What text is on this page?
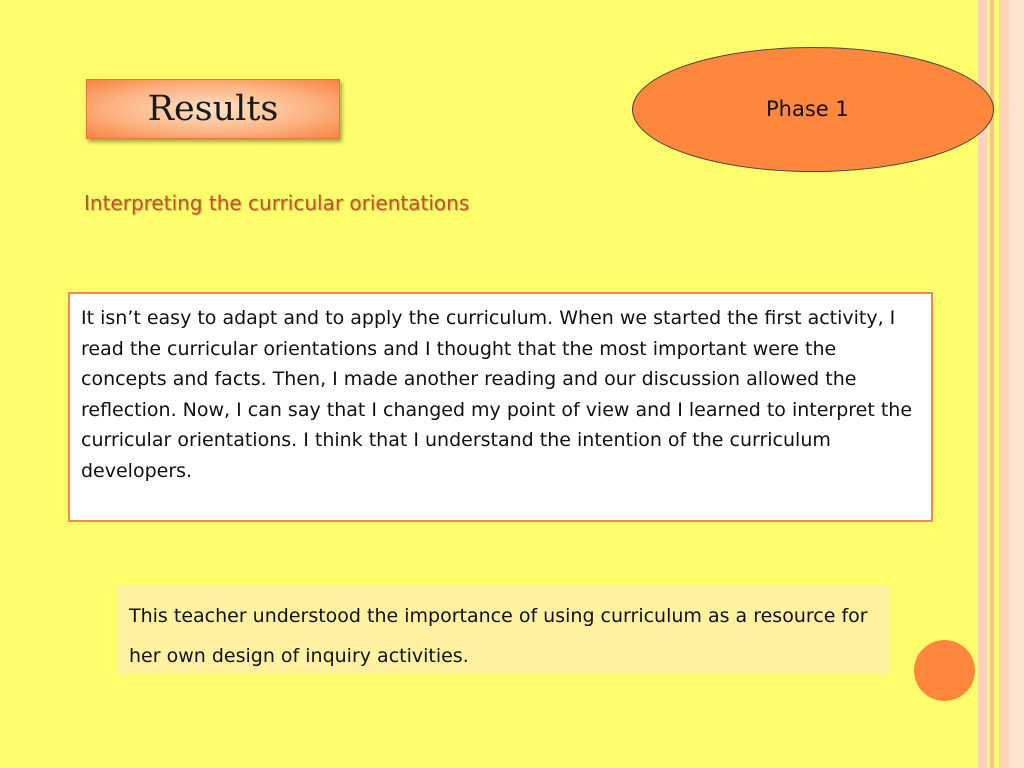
Results	Phase 1
Interpreting the curricular orientations
It isn’t easy to adapt and to apply the curriculum. When we started the first activity, I read the curricular orientations and I thought that the most important were the concepts and facts. Then, I made another reading and our discussion allowed the reflection. Now, I can say that I changed my point of view and I learned to interpret the curricular orientations. I think that I understand the intention of the curriculum developers.
This teacher understood the importance of using curriculum as a resource for her own design of inquiry activities.
